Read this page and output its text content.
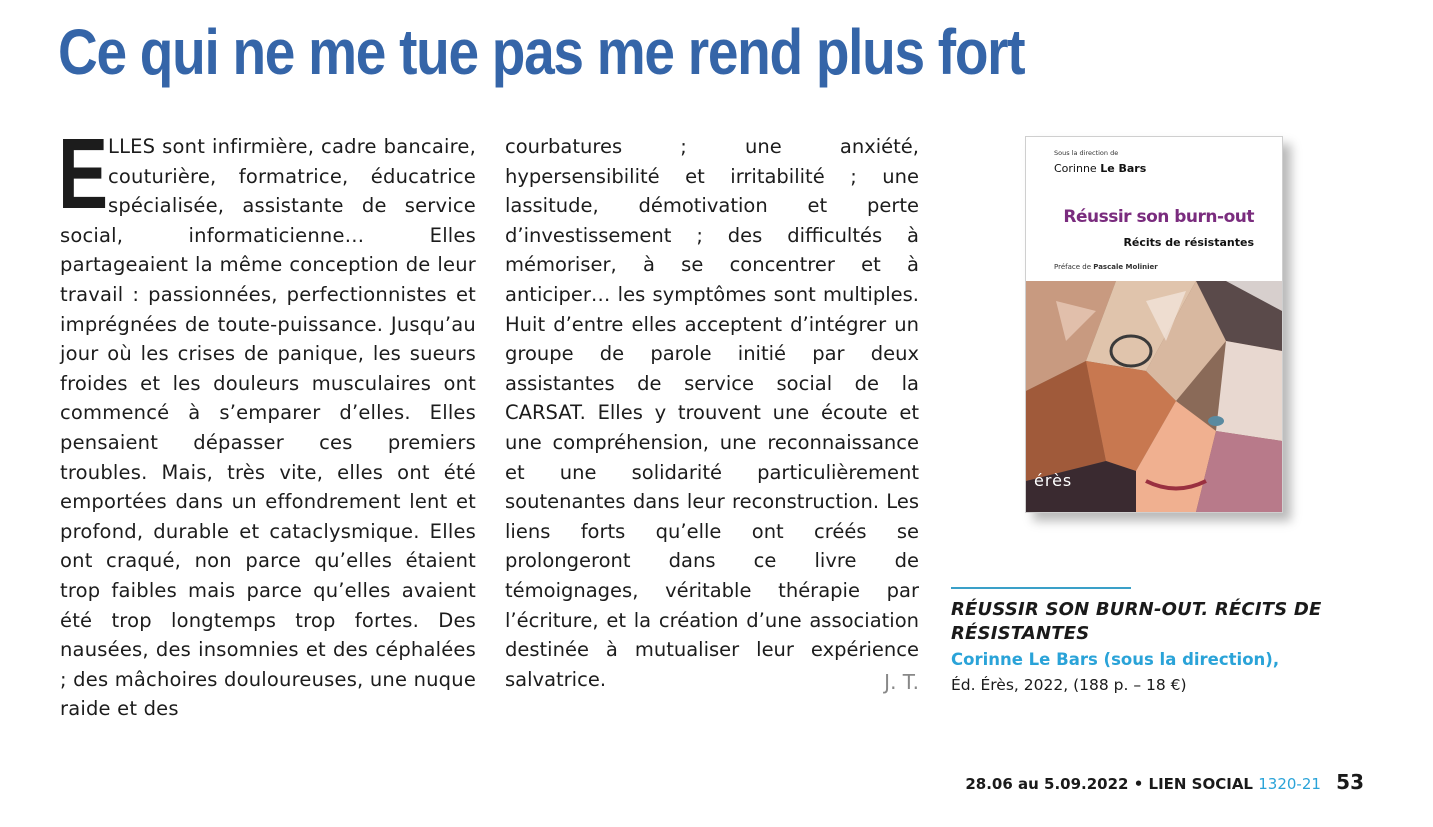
Ce qui ne me tue pas me rend plus fort
E LLES sont infirmière, cadre bancaire, couturière, formatrice, éducatrice spécialisée, assistante de service social, informaticienne… Elles partageaient la même conception de leur travail : passionnées, perfectionnistes et imprégnées de toute-puissance. Jusqu’au jour où les crises de panique, les sueurs froides et les douleurs musculaires ont commencé à s’emparer d’elles. Elles pensaient dépasser ces premiers troubles. Mais, très vite, elles ont été emportées dans un effondrement lent et profond, durable et cataclysmique. Elles ont craqué, non parce qu’elles étaient trop faibles mais parce qu’elles avaient été trop longtemps trop fortes. Des nausées, des insomnies et des céphalées ; des mâchoires douloureuses, une nuque raide et des

courbatures ; une anxiété, hypersensibilité et irritabilité ; une lassitude, démotivation et perte d’investissement ; des difficultés à mémoriser, à se concentrer et à anticiper… les symptômes sont multiples. Huit d’entre elles acceptent d’intégrer un groupe de parole initié par deux assistantes de service social de la CARSAT. Elles y trouvent une écoute et une compréhension, une reconnaissance et une solidarité particulièrement soutenantes dans leur reconstruction. Les liens forts qu’elle ont créés se prolongeront dans ce livre de témoignages, véritable thérapie par l’écriture, et la création d’une association destinée à mutualiser leur expérience salvatrice.	J. T.
Sous la direction de
Corinne Le Bars
Réussir son burn-out
Récits de résistantes
Préface de Pascale Molinier
érès
RÉUSSIR SON BURN-OUT. RÉCITS DE RÉSISTANTES
Corinne Le Bars (sous la direction),
Éd. Érès, 2022, (188 p. – 18 €)
28.06 au 5.09.2022 • LIEN SOCIAL 1320-21 53
